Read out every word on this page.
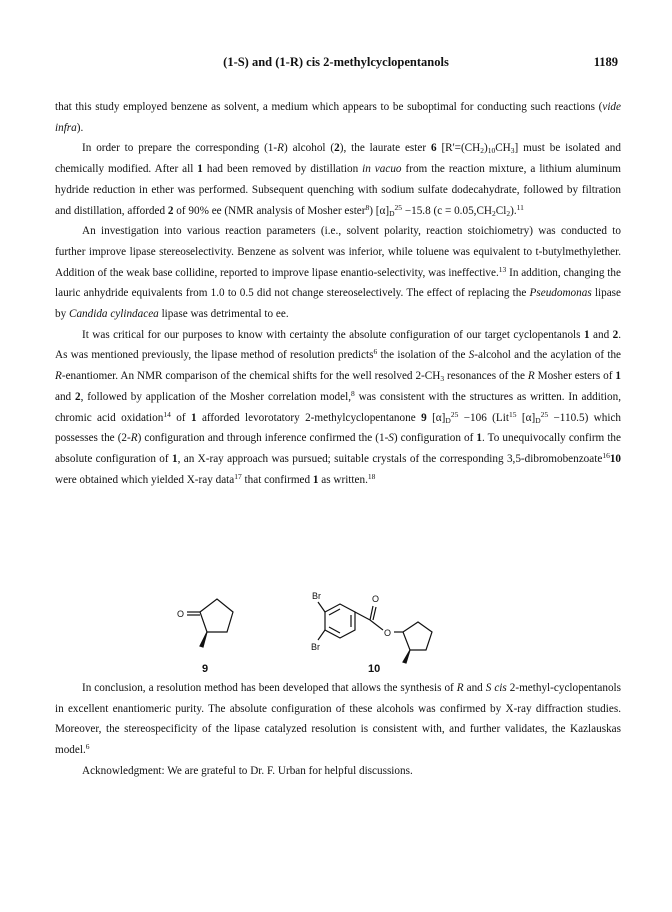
(1-S) and (1-R) cis 2-methylcyclopentanols	1189

that this study employed benzene as solvent, a medium which appears to be suboptimal for conducting such reactions (vide infra).

In order to prepare the corresponding (1-R) alcohol (2), the laurate ester 6 $[R'=(CH_2)_{10}CH_3]$ must be isolated and chemically modified. After all 1 had been removed by distillation in vacuo from the reaction mixture, a lithium aluminum hydride reduction in ether was performed. Subsequent quenching with sodium sulfate dodecahydrate, followed by filtration and distillation, afforded 2 of 90% ee (NMR analysis of Mosher ester$^8$) $[\alpha]_D^{25} -15.8$ $(c = 0.05,CH_2Cl_2).^{11}$

An investigation into various reaction parameters (i.e., solvent polarity, reaction stoichiometry) was conducted to further improve lipase stereoselectivity. Benzene as solvent was inferior, while toluene was equivalent to t-butylmethylether. Addition of the weak base collidine, reported to improve lipase enantio-selectivity, was ineffective.$^{13}$ In addition, changing the lauric anhydride equivalents from 1.0 to 0.5 did not change stereoselectively. The effect of replacing the Pseudomonas lipase by Candida cylindacea lipase was detrimental to ee.

It was critical for our purposes to know with certainty the absolute configuration of our target cyclopentanols 1 and 2. As was mentioned previously, the lipase method of resolution predicts$^6$ the isolation of the S-alcohol and the acylation of the R-enantiomer. An NMR comparison of the chemical shifts for the well resolved $2-CH_3$ resonances of the R Mosher esters of 1 and 2, followed by application of the Mosher correlation model,$^8$ was consistent with the structures as written. In addition, chromic acid oxidation$^{14}$ of 1 afforded levorotatory 2-methylcyclopentanone 9 $[\alpha]_D^{25} -106$ (Lit$^{15}$ $[\alpha]_D^{25} -110.5$) which possesses the (2-R) configuration and through inference confirmed the (1-S) configuration of 1. To unequivocally confirm the absolute configuration of 1, an X-ray approach was pursued; suitable crystals of the corresponding 3,5-dibromobenzoate$^{16}$10 were obtained which yielded X-ray data$^{17}$ that confirmed 1 as written.$^{18}$

O
Br
Br
O
O
9	10

In conclusion, a resolution method has been developed that allows the synthesis of R and S cis 2-methyl-cyclopentanols in excellent enantiomeric purity. The absolute configuration of these alcohols was confirmed by X-ray diffraction studies. Moreover, the stereospecificity of the lipase catalyzed resolution is consistent with, and further validates, the Kazlauskas model.$^6$

Acknowledgment: We are grateful to Dr. F. Urban for helpful discussions.
